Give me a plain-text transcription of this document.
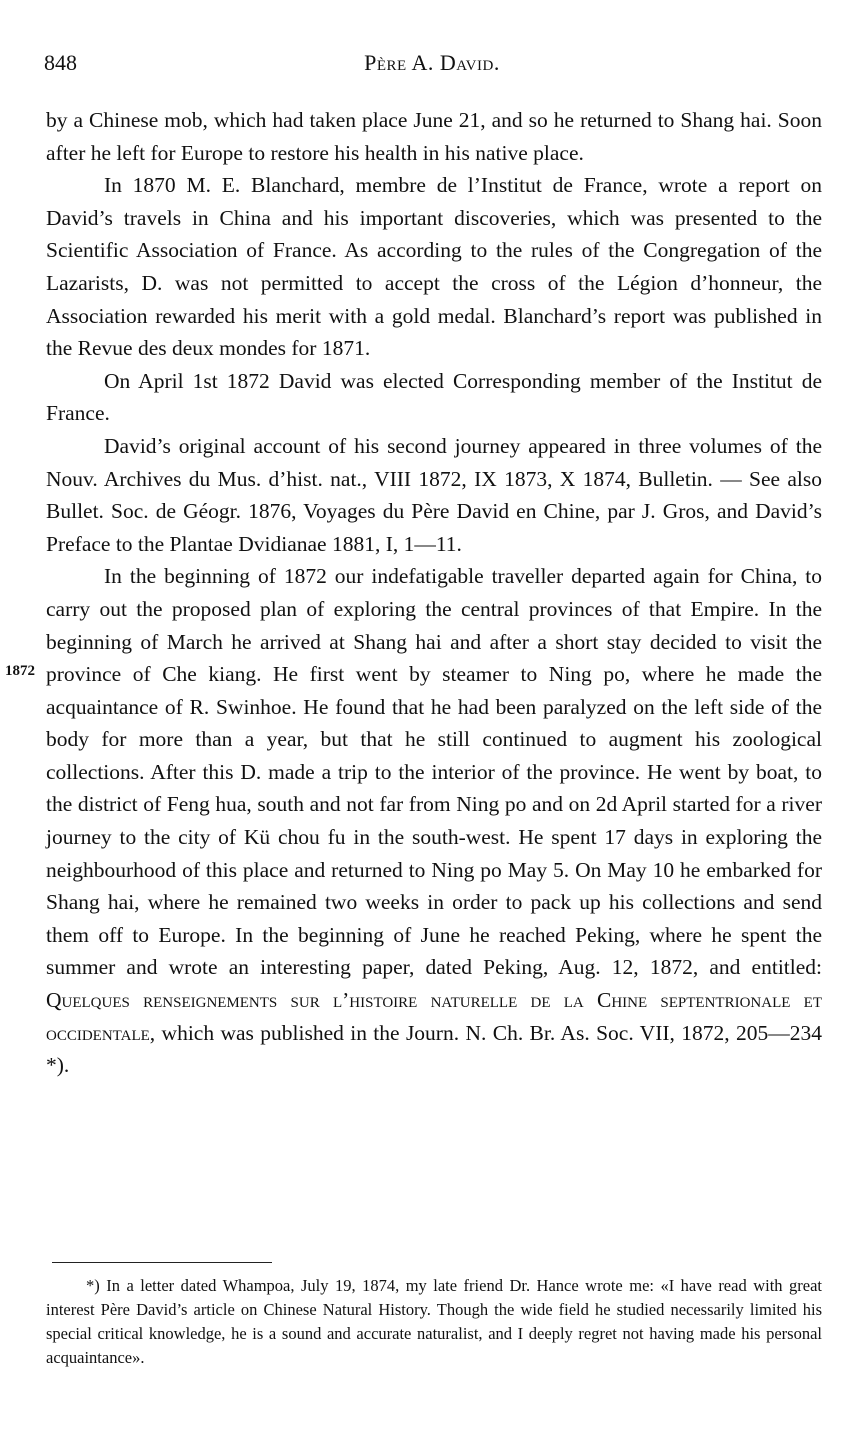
848	Père A. David.
1872

by a Chinese mob, which had taken place June 21, and so he returned to Shang hai. Soon after he left for Europe to restore his health in his native place.

In 1870 M. E. Blanchard, membre de l’Institut de France, wrote a report on David’s travels in China and his important discoveries, which was presented to the Scientific Association of France. As according to the rules of the Congregation of the Lazarists, D. was not permitted to accept the cross of the Légion d’honneur, the Association rewarded his merit with a gold medal. Blanchard’s report was published in the Revue des deux mondes for 1871.

On April 1st 1872 David was elected Corresponding member of the Institut de France.

David’s original account of his second journey appeared in three volumes of the Nouv. Archives du Mus. d’hist. nat., VIII 1872, IX 1873, X 1874, Bulletin. — See also Bullet. Soc. de Géogr. 1876, Voyages du Père David en Chine, par J. Gros, and David’s Preface to the Plantae Dvidianae 1881, I, 1—11.

In the beginning of 1872 our indefatigable traveller departed again for China, to carry out the proposed plan of exploring the central provinces of that Empire. In the beginning of March he arrived at Shang hai and after a short stay decided to visit the province of Che kiang. He first went by steamer to Ning po, where he made the acquaintance of R. Swinhoe. He found that he had been paralyzed on the left side of the body for more than a year, but that he still continued to augment his zoological collections. After this D. made a trip to the interior of the province. He went by boat, to the district of Feng hua, south and not far from Ning po and on 2d April started for a river journey to the city of Kü chou fu in the south-west. He spent 17 days in exploring the neighbourhood of this place and returned to Ning po May 5. On May 10 he embarked for Shang hai, where he remained two weeks in order to pack up his collections and send them off to Europe. In the beginning of June he reached Peking, where he spent the summer and wrote an interesting paper, dated Peking, Aug. 12, 1872, and entitled: Quelques renseignements sur l’histoire naturelle de la Chine septentrionale et occidentale, which was published in the Journ. N. Ch. Br. As. Soc. VII, 1872, 205—234 *).

*) In a letter dated Whampoa, July 19, 1874, my late friend Dr. Hance wrote me: «I have read with great interest Père David’s article on Chinese Natural History. Though the wide field he studied necessarily limited his special critical knowledge, he is a sound and accurate naturalist, and I deeply regret not having made his personal acquaintance».
